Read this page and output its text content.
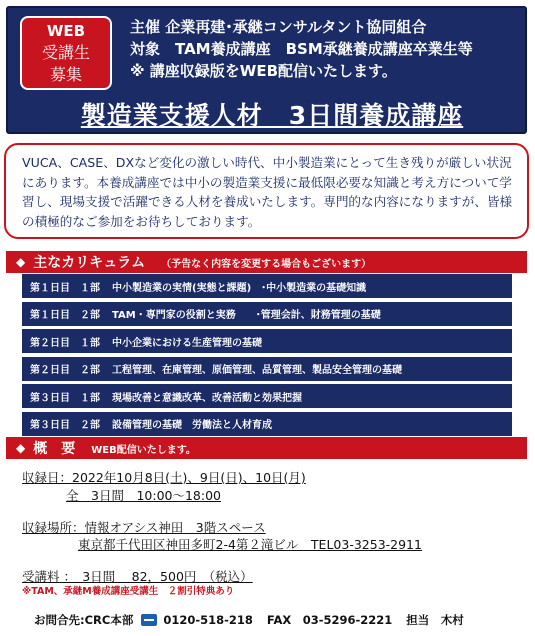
WEB
受講生
募集
主催 企業再建･承継コンサルタント協同組合
対象　TAM養成講座　BSM承継養成講座卒業生等
※ 講座収録版をWEB配信いたします。
製造業支援人材　3日間養成講座
VUCA、CASE、DXなど変化の激しい時代、中小製造業にとって生き残りが厳しい状況にあります。本養成講座では中小の製造業支援に最低限必要な知識と考え方について学習し、現場支援で活躍できる人材を養成いたします。専門的な内容になりますが、皆様の積極的なご参加をお待ちしております。
◆ 主なカリキュラム （予告なく内容を変更する場合もございます）
第１日目　１部 中小製造業の実情(実態と課題)　･中小製造業の基礎知識
第１日目　２部 TAM・専門家の役割と実務　　･管理会計、財務管理の基礎
第２日目　１部 中小企業における生産管理の基礎
第２日目　２部 工程管理、在庫管理、原価管理、品質管理、製品安全管理の基礎
第３日目　１部 現場改善と意識改革、改善活動と効果把握
第３日目　２部 設備管理の基礎　労働法と人材育成
◆ 概　要 WEB配信いたします。
収録日：2022年10月8日(土)、9日(日)、10日(月)
全　3日間　10:00～18:00
収録場所：情報オアシス神田　3階スペース
東京都千代田区神田多町2-4第２滝ビル　TEL03-3253-2911
受講料 ：　3日間　 82，500円　（税込）
※TAM、承継M養成講座受講生　２割引特典あり
お問合先:CRC本部	0120-518-218 FAX　03-5296-2221 担当　木村
